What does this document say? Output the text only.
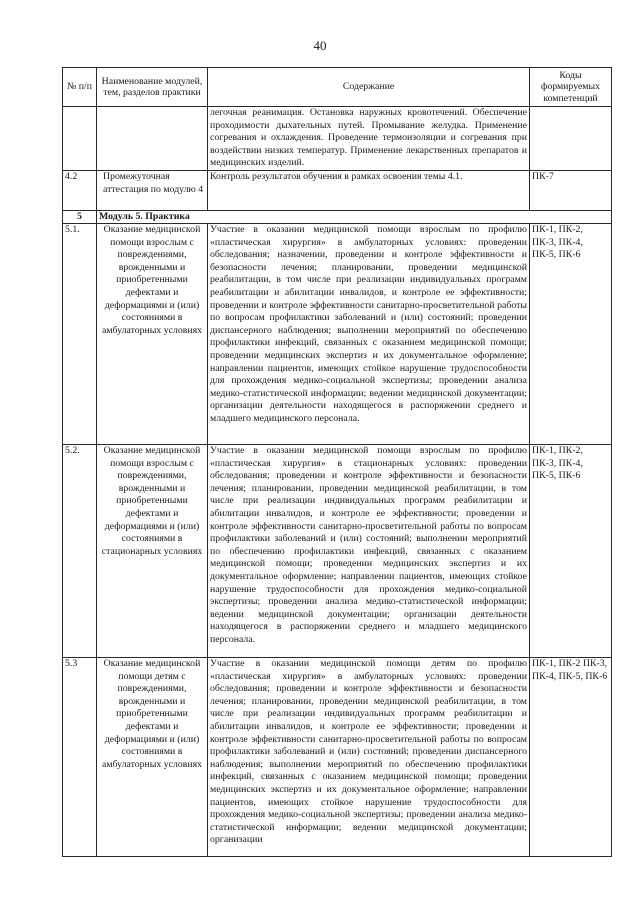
40
№ п/п	Наименование модулей, тем, разделов практики	Содержание	Коды формируемых компетенций
		легочная реанимация. Остановка наружных кровотечений. Обеспечение проходимости дыхательных путей. Промывание желудка. Применение согревания и охлаждения. Проведение термоизоляции и согревания при воздействии низких температур. Применение лекарственных препаратов и медицинских изделий.	
4.2	Промежуточная аттестация по модулю 4	Контроль результатов обучения в рамках освоения темы 4.1.	ПК-7
5	Модуль 5. Практика		
5.1.	Оказание медицинской помощи взрослым с повреждениями, врожденными и приобретенными дефектами и деформациями и (или) состояниями в амбулаторных условиях	Участие в оказании медицинской помощи взрослым по профилю «пластическая хирургия» в амбулаторных условиях: проведении обследования; назначении, проведении и контроле эффективности и безопасности лечения; планировании, проведении медицинской реабилитации, в том числе при реализации индивидуальных программ реабилитации и абилитации инвалидов, и контроле ее эффективности; проведении и контроле эффективности санитарно-просветительной работы по вопросам профилактики заболеваний и (или) состояний; проведении диспансерного наблюдения; выполнении мероприятий по обеспечению профилактики инфекций, связанных с оказанием медицинской помощи; проведении медицинских экспертиз и их документальное оформление; направлении пациентов, имеющих стойкое нарушение трудоспособности для прохождения медико-социальной экспертизы; проведении анализа медико-статистической информации; ведении медицинской документации; организации деятельности находящегося в распоряжении среднего и младшего медицинского персонала.	ПК-1, ПК-2, ПК-3, ПК-4, ПК-5, ПК-6
5.2.	Оказание медицинской помощи взрослым с повреждениями, врожденными и приобретенными дефектами и деформациями и (или) состояниями в стационарных условиях	Участие в оказании медицинской помощи взрослым по профилю «пластическая хирургия» в стационарных условиях: проведении обследования; проведении и контроле эффективности и безопасности лечения; планировании, проведении медицинской реабилитации, в том числе при реализации индивидуальных программ реабилитации и абилитации инвалидов, и контроле ее эффективности; проведении и контроле эффективности санитарно-просветительной работы по вопросам профилактики заболеваний и (или) состояний; выполнении мероприятий по обеспечению профилактики инфекций, связанных с оказанием медицинской помощи; проведении медицинских экспертиз и их документальное оформление; направлении пациентов, имеющих стойкое нарушение трудоспособности для прохождения медико-социальной экспертизы; проведении анализа медико-статистической информации; ведении медицинской документации; организации деятельности находящегося в распоряжении среднего и младшего медицинского персонала.	ПК-1, ПК-2, ПК-3, ПК-4, ПК-5, ПК-6
5.3	Оказание медицинской помощи детям с повреждениями, врожденными и приобретенными дефектами и деформациями и (или) состояниями в амбулаторных условиях	Участие в оказании медицинской помощи детям по профилю «пластическая хирургия» в амбулаторных условиях: проведении обследования; проведении и контроле эффективности и безопасности лечения; планировании, проведении медицинской реабилитации, в том числе при реализации индивидуальных программ реабилитации и абилитации инвалидов, и контроле ее эффективности; проведении и контроле эффективности санитарно-просветительной работы по вопросам профилактики заболеваний и (или) состояний; проведении диспансерного наблюдения; выполнении мероприятий по обеспечению профилактики инфекций, связанных с оказанием медицинской помощи; проведении медицинских экспертиз и их документальное оформление; направлении пациентов, имеющих стойкое нарушение трудоспособности для прохождения медико-социальной экспертизы; проведении анализа медико-статистической информации; ведении медицинской документации; организации	ПК-1, ПК-2 ПК-3, ПК-4, ПК-5, ПК-6
